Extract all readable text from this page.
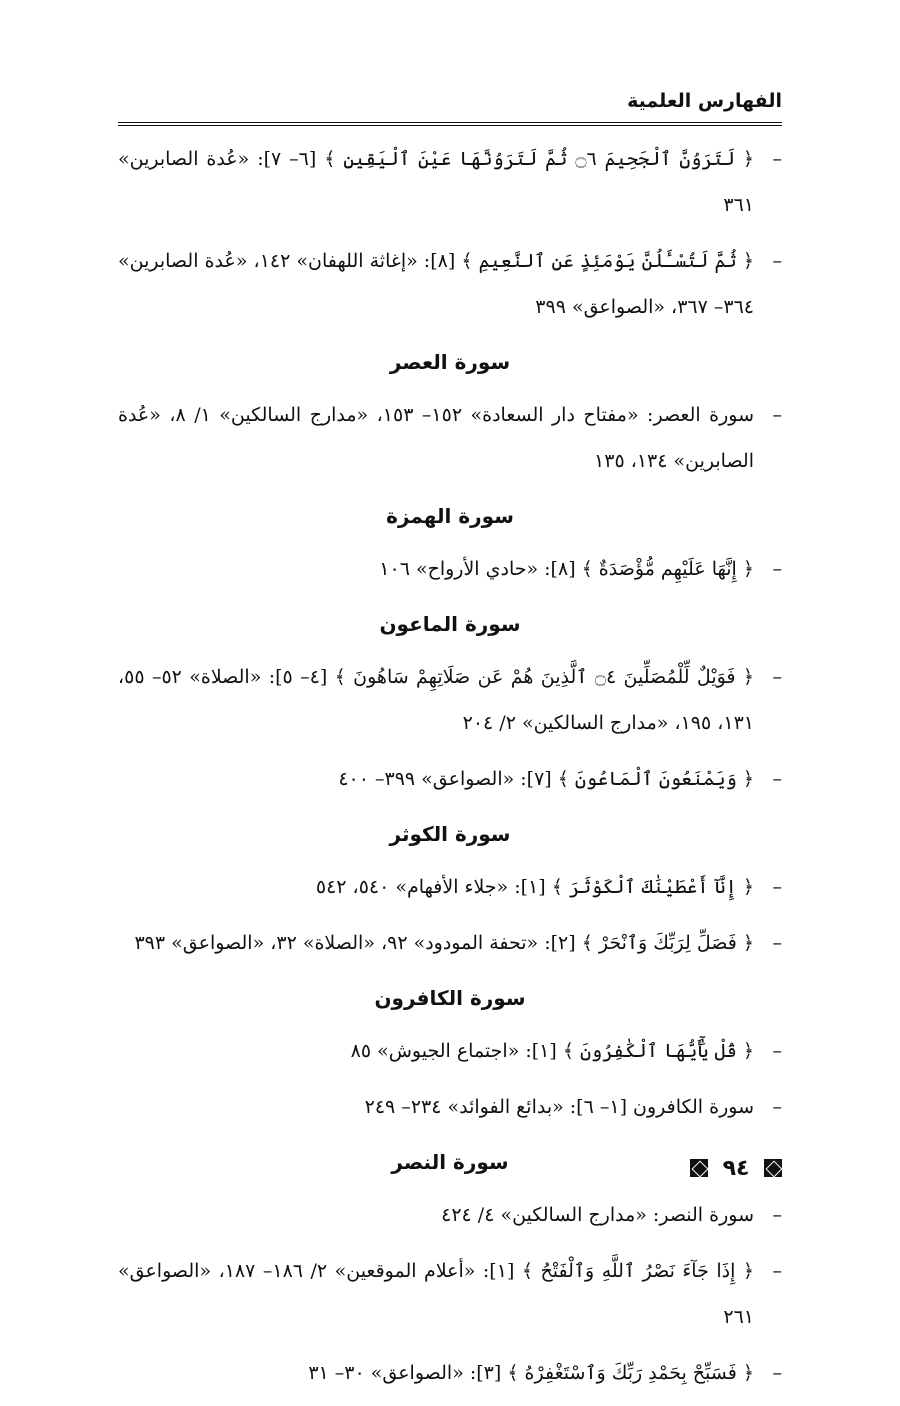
الفهارس العلمية
–
﴿ لَتَرَوُنَّ ٱلْجَحِيمَ ۝٦ ثُمَّ لَتَرَوُنَّهَا عَيْنَ ٱلْيَقِينِ ﴾ [٦– ٧]: «عُدة الصابرين» ٣٦١
–
﴿ ثُمَّ لَتُسْـَٔلُنَّ يَوْمَئِذٍ عَنِ ٱلنَّعِيمِ ﴾ [٨]: «إغاثة اللهفان» ١٤٢، «عُدة الصابرين» ٣٦٤– ٣٦٧، «الصواعق» ٣٩٩
سورة العصر
–
سورة العصر: «مفتاح دار السعادة» ١٥٢– ١٥٣، «مدارج السالكين» ١/ ٨، «عُدة الصابرين» ١٣٤، ١٣٥
سورة الهمزة
–
﴿ إِنَّهَا عَلَيْهِم مُّؤْصَدَةٌ ﴾ [٨]: «حادي الأرواح» ١٠٦
سورة الماعون
–
﴿ فَوَيْلٌ لِّلْمُصَلِّينَ ۝٤ ٱلَّذِينَ هُمْ عَن صَلَاتِهِمْ سَاهُونَ ﴾ [٤– ٥]: «الصلاة» ٥٢– ٥٥، ١٣١، ١٩٥، «مدارج السالكين» ٢/ ٢٠٤
–
﴿ وَيَمْنَعُونَ ٱلْمَاعُونَ ﴾ [٧]: «الصواعق» ٣٩٩– ٤٠٠
سورة الكوثر
–
﴿ إِنَّآ أَعْطَيْنَٰكَ ٱلْكَوْثَرَ ﴾ [١]: «جلاء الأفهام» ٥٤٠، ٥٤٢
–
﴿ فَصَلِّ لِرَبِّكَ وَٱنْحَرْ ﴾ [٢]: «تحفة المودود» ٩٢، «الصلاة» ٣٢، «الصواعق» ٣٩٣
سورة الكافرون
–
﴿ قُلْ يَٰٓأَيُّهَا ٱلْكَٰفِرُونَ ﴾ [١]: «اجتماع الجيوش» ٨٥
–
سورة الكافرون [١– ٦]: «بدائع الفوائد» ٢٣٤– ٢٤٩
سورة النصر
–
سورة النصر: «مدارج السالكين» ٤/ ٤٢٤
–
﴿ إِذَا جَآءَ نَصْرُ ٱللَّهِ وَٱلْفَتْحُ ﴾ [١]: «أعلام الموقعين» ٢/ ١٨٦– ١٨٧، «الصواعق» ٢٦١
–
﴿ فَسَبِّحْ بِحَمْدِ رَبِّكَ وَٱسْتَغْفِرْهُ ﴾ [٣]: «الصواعق» ٣٠– ٣١
٩٤
